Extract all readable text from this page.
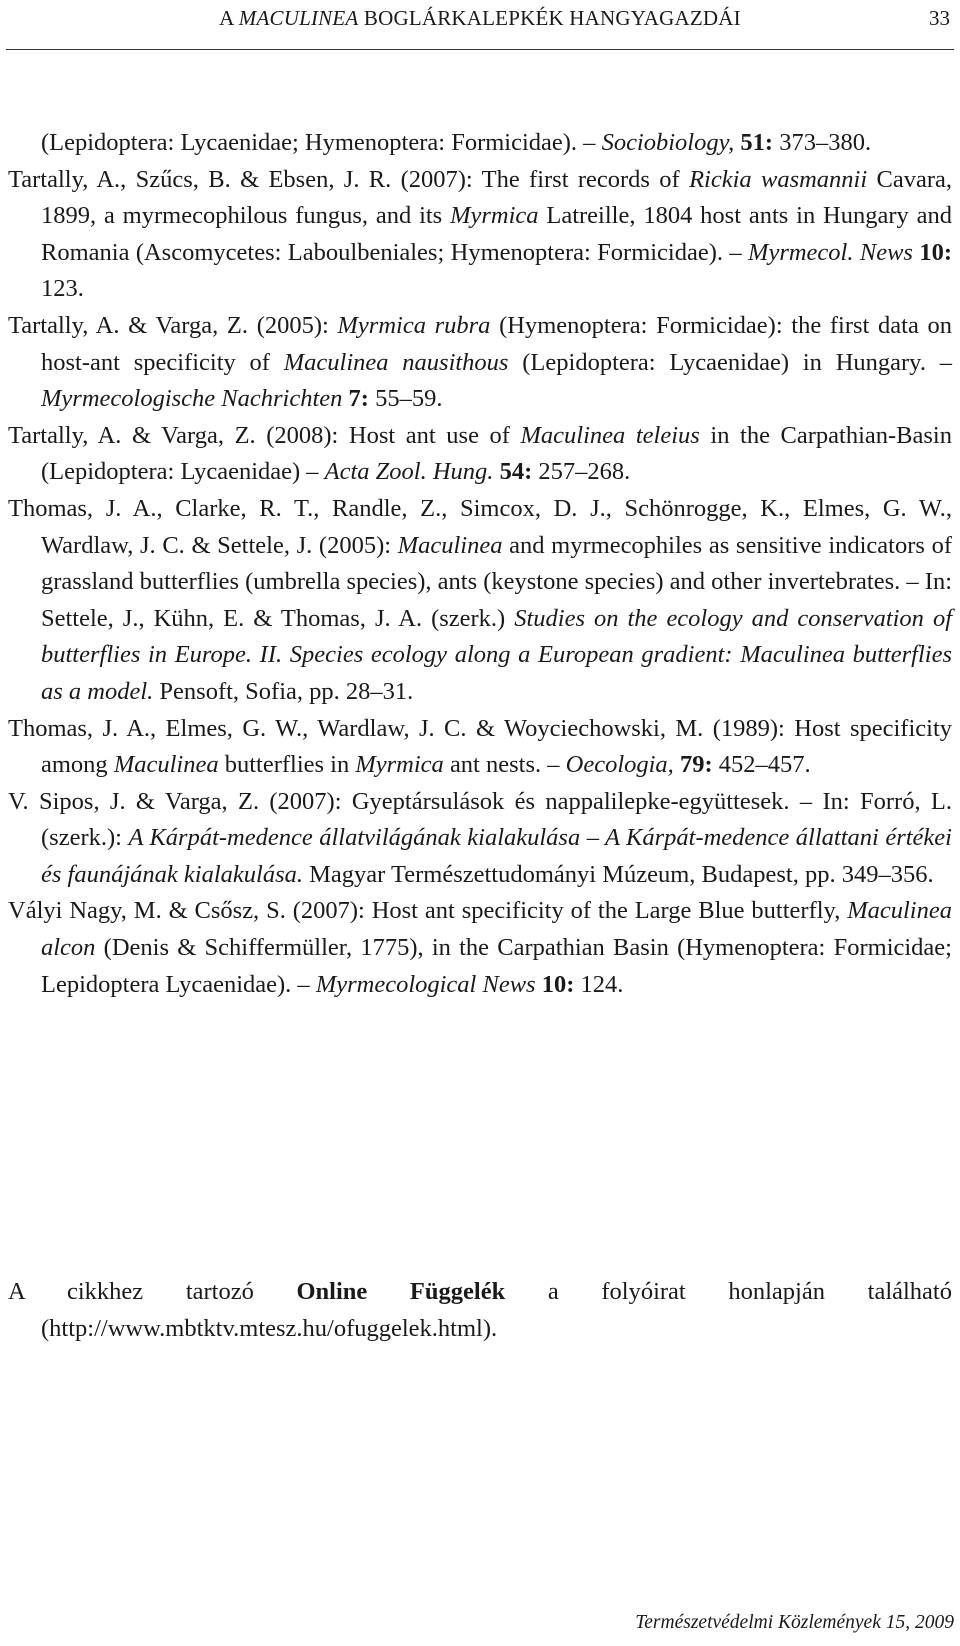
A MACULINEA BOGLÁRKALEPKÉK HANGYAGAZDÁI	33

(Lepidoptera: Lycaenidae; Hymenoptera: Formicidae). – Sociobiology, 51: 373–380.

Tartally, A., Szűcs, B. & Ebsen, J. R. (2007): The first records of Rickia wasmannii Cavara, 1899, a myrmecophilous fungus, and its Myrmica Latreille, 1804 host ants in Hungary and Romania (Ascomycetes: Laboulbeniales; Hymenoptera: Formicidae). – Myrmecol. News 10: 123.

Tartally, A. & Varga, Z. (2005): Myrmica rubra (Hymenoptera: Formicidae): the first data on host-ant specificity of Maculinea nausithous (Lepidoptera: Lycaenidae) in Hungary. – Myrmecologische Nachrichten 7: 55–59.

Tartally, A. & Varga, Z. (2008): Host ant use of Maculinea teleius in the Carpathian-Basin (Lepidoptera: Lycaenidae) – Acta Zool. Hung. 54: 257–268.

Thomas, J. A., Clarke, R. T., Randle, Z., Simcox, D. J., Schönrogge, K., Elmes, G. W., Wardlaw, J. C. & Settele, J. (2005): Maculinea and myrmecophiles as sensitive indicators of grassland butterflies (umbrella species), ants (keystone species) and other invertebrates. – In: Settele, J., Kühn, E. & Thomas, J. A. (szerk.) Studies on the ecology and conservation of butterflies in Europe. II. Species ecology along a European gradient: Maculinea butterflies as a model. Pensoft, Sofia, pp. 28–31.

Thomas, J. A., Elmes, G. W., Wardlaw, J. C. & Woyciechowski, M. (1989): Host specificity among Maculinea butterflies in Myrmica ant nests. – Oecologia, 79: 452–457.

V. Sipos, J. & Varga, Z. (2007): Gyeptársulások és nappalilepke-együttesek. – In: Forró, L. (szerk.): A Kárpát-medence állatvilágának kialakulása – A Kárpát-medence állattani értékei és faunájának kialakulása. Magyar Természettudományi Múzeum, Budapest, pp. 349–356.

Vályi Nagy, M. & Csősz, S. (2007): Host ant specificity of the Large Blue butterfly, Maculinea alcon (Denis & Schiffermüller, 1775), in the Carpathian Basin (Hymenoptera: Formicidae; Lepidoptera Lycaenidae). – Myrmecological News 10: 124.

A cikkhez tartozó Online Függelék a folyóirat honlapján található (http://www.mbtktv.mtesz.hu/ofuggelek.html).
Természetvédelmi Közlemények 15, 2009
